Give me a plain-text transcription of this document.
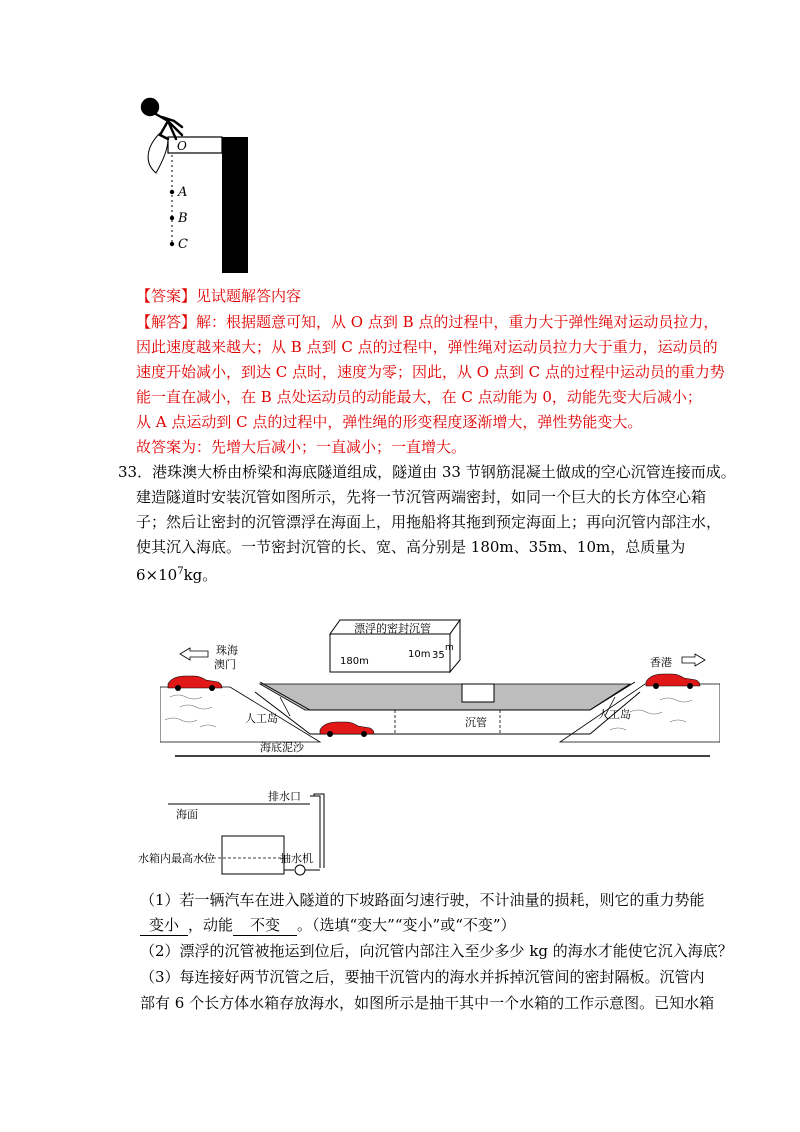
O
A
B
C
【答案】见试题解答内容
【解答】解：根据题意可知，从 O 点到 B 点的过程中，重力大于弹性绳对运动员拉力，
因此速度越来越大；从 B 点到 C 点的过程中，弹性绳对运动员拉力大于重力，运动员的
速度开始减小，到达 C 点时，速度为零；因此，从 O 点到 C 点的过程中运动员的重力势
能一直在减小，在 B 点处运动员的动能最大，在 C 点动能为 0，动能先变大后减小；
从 A 点运动到 C 点的过程中，弹性绳的形变程度逐渐增大，弹性势能变大。
故答案为：先增大后减小；一直减小；一直增大。
33．港珠澳大桥由桥梁和海底隧道组成，隧道由 33 节钢筋混凝土做成的空心沉管连接而成。
建造隧道时安装沉管如图所示，先将一节沉管两端密封，如同一个巨大的长方体空心箱
子；然后让密封的沉管漂浮在海面上，用拖船将其拖到预定海面上；再向沉管内部注水，
使其沉入海底。一节密封沉管的长、宽、高分别是 180m、35m、10m，总质量为
$6\times 10^7kg$。
漂浮的密封沉管
180m
10m 35
m
珠海
澳门	香港
人工岛	人工岛
沉管
海底泥沙
排水口
海面
水箱内最高水位	抽水机
（1）若一辆汽车在进入隧道的下坡路面匀速行驶，不计油量的损耗，则它的重力势能
变小 ，动能 不变 。（选填“变大”“变小”或“不变”）
（2）漂浮的沉管被拖运到位后，向沉管内部注入至少多少 kg 的海水才能使它沉入海底？
（3）每连接好两节沉管之后，要抽干沉管内的海水并拆掉沉管间的密封隔板。沉管内
部有 6 个长方体水箱存放海水，如图所示是抽干其中一个水箱的工作示意图。已知水箱
